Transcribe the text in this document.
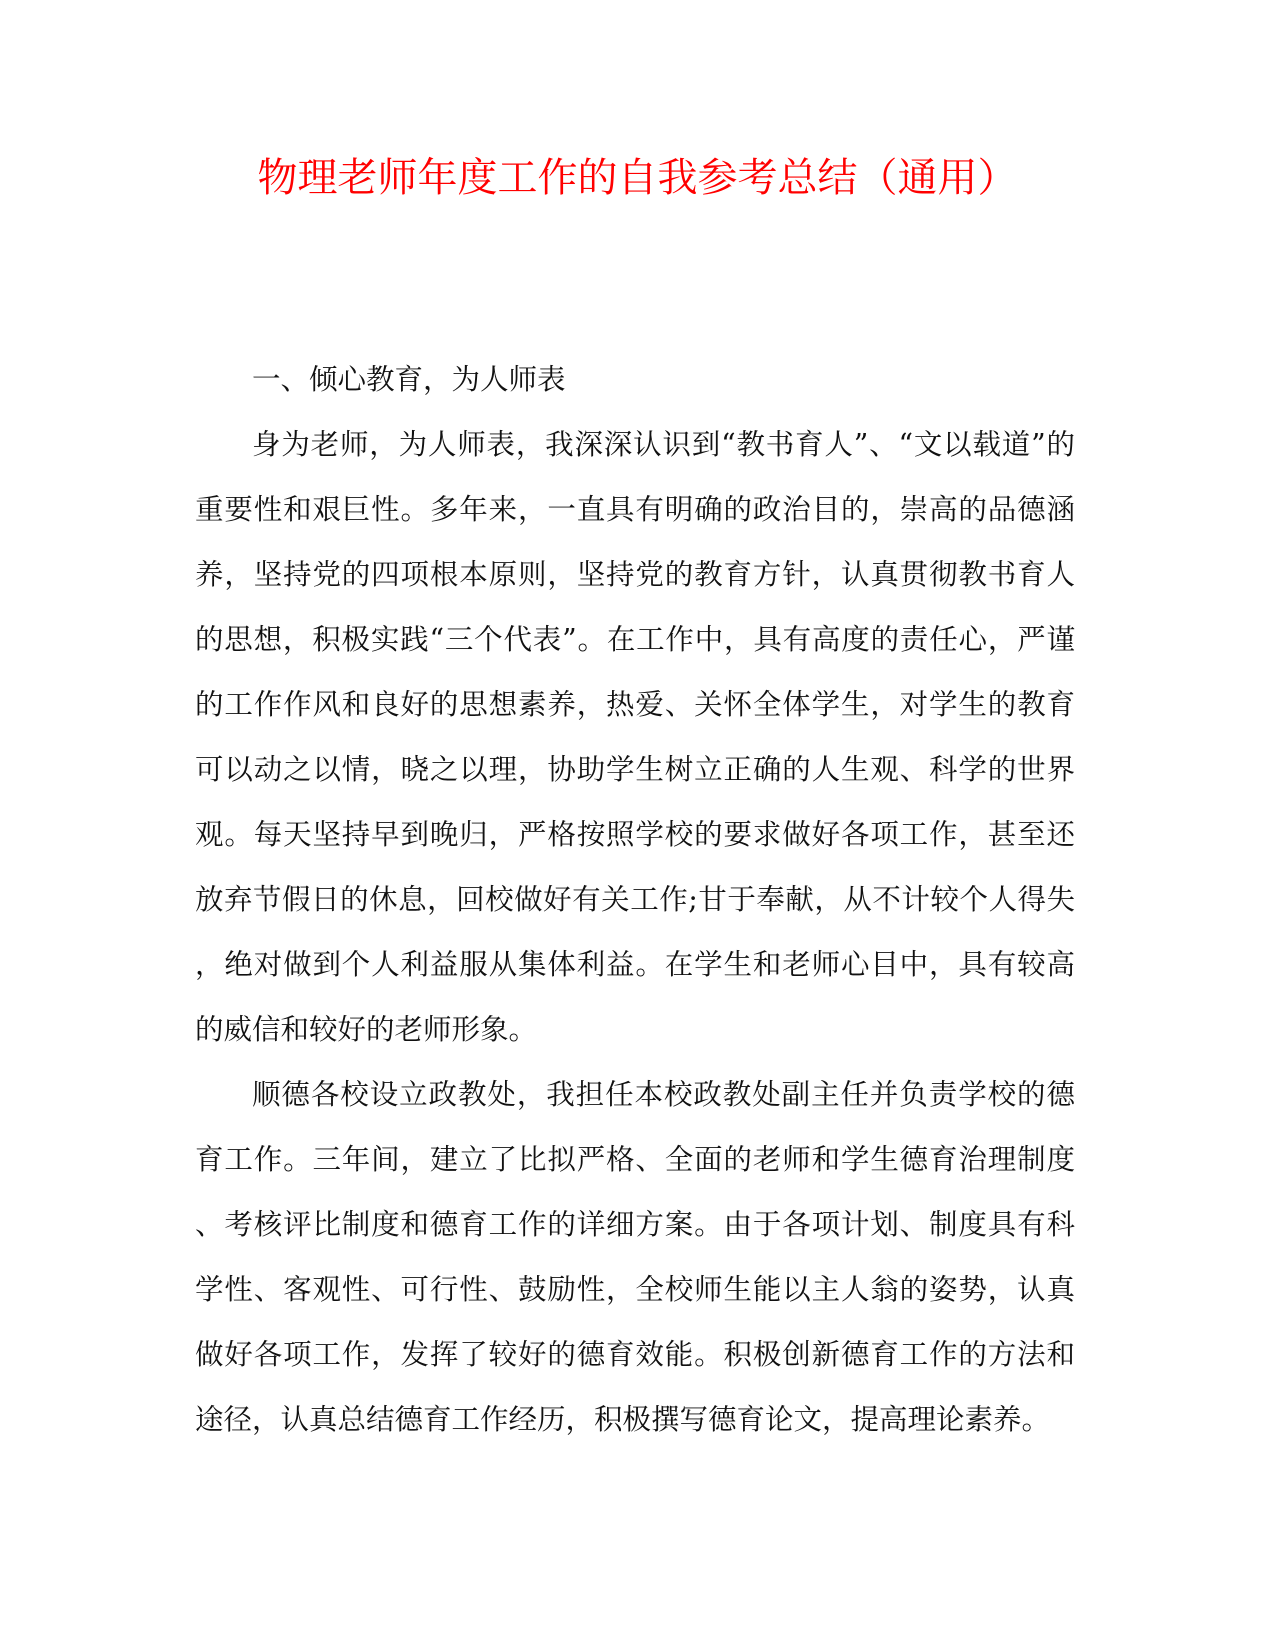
物理老师年度工作的自我参考总结（通用）

一、倾心教育，为人师表

身为老师，为人师表，我深深认识到“教书育人”、“文以载道”的重要性和艰巨性。多年来，一直具有明确的政治目的，崇高的品德涵养，坚持党的四项根本原则，坚持党的教育方针，认真贯彻教书育人的思想，积极实践“三个代表”。在工作中，具有高度的责任心，严谨的工作作风和良好的思想素养，热爱、关怀全体学生，对学生的教育可以动之以情，晓之以理，协助学生树立正确的人生观、科学的世界观。每天坚持早到晚归，严格按照学校的要求做好各项工作，甚至还放弃节假日的休息，回校做好有关工作;甘于奉献，从不计较个人得失，绝对做到个人利益服从集体利益。在学生和老师心目中，具有较高的威信和较好的老师形象。

顺德各校设立政教处，我担任本校政教处副主任并负责学校的德育工作。三年间，建立了比拟严格、全面的老师和学生德育治理制度、考核评比制度和德育工作的详细方案。由于各项计划、制度具有科学性、客观性、可行性、鼓励性，全校师生能以主人翁的姿势，认真做好各项工作，发挥了较好的德育效能。积极创新德育工作的方法和途径，认真总结德育工作经历，积极撰写德育论文，提高理论素养。
